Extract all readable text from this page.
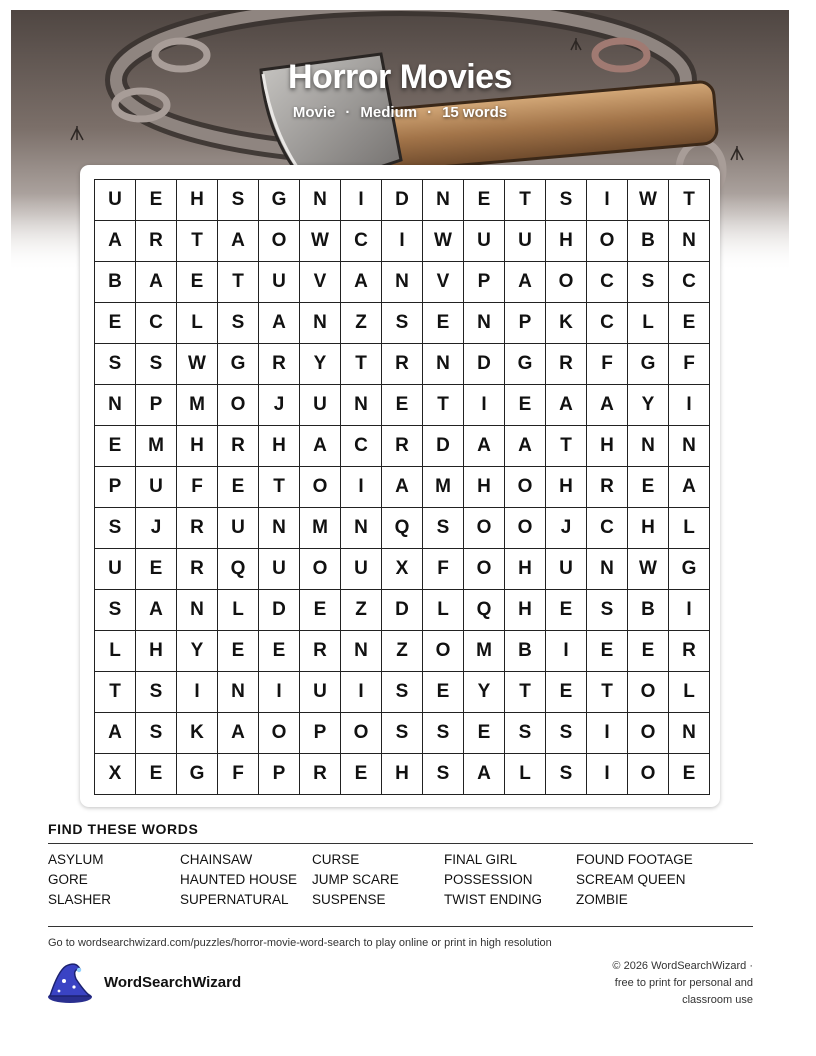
Horror Movies
Movie · Medium · 15 words
U	E	H	S	G	N	I	D	N	E	T	S	I	W	T
A	R	T	A	O	W	C	I	W	U	U	H	O	B	N
B	A	E	T	U	V	A	N	V	P	A	O	C	S	C
E	C	L	S	A	N	Z	S	E	N	P	K	C	L	E
S	S	W	G	R	Y	T	R	N	D	G	R	F	G	F
N	P	M	O	J	U	N	E	T	I	E	A	A	Y	I
E	M	H	R	H	A	C	R	D	A	A	T	H	N	N
P	U	F	E	T	O	I	A	M	H	O	H	R	E	A
S	J	R	U	N	M	N	Q	S	O	O	J	C	H	L
U	E	R	Q	U	O	U	X	F	O	H	U	N	W	G
S	A	N	L	D	E	Z	D	L	Q	H	E	S	B	I
L	H	Y	E	E	R	N	Z	O	M	B	I	E	E	R
T	S	I	N	I	U	I	S	E	Y	T	E	T	O	L
A	S	K	A	O	P	O	S	S	E	S	S	I	O	N
X	E	G	F	P	R	E	H	S	A	L	S	I	O	E
FIND THESE WORDS
ASYLUM	CHAINSAW	CURSE	FINAL GIRL	FOUND FOOTAGE
GORE	HAUNTED HOUSE	JUMP SCARE	POSSESSION	SCREAM QUEEN
SLASHER	SUPERNATURAL	SUSPENSE	TWIST ENDING	ZOMBIE
Go to wordsearchwizard.com/puzzles/horror-movie-word-search to play online or print in high resolution
WordSearchWizard
© 2026 WordSearchWizard ·
free to print for personal and
classroom use
